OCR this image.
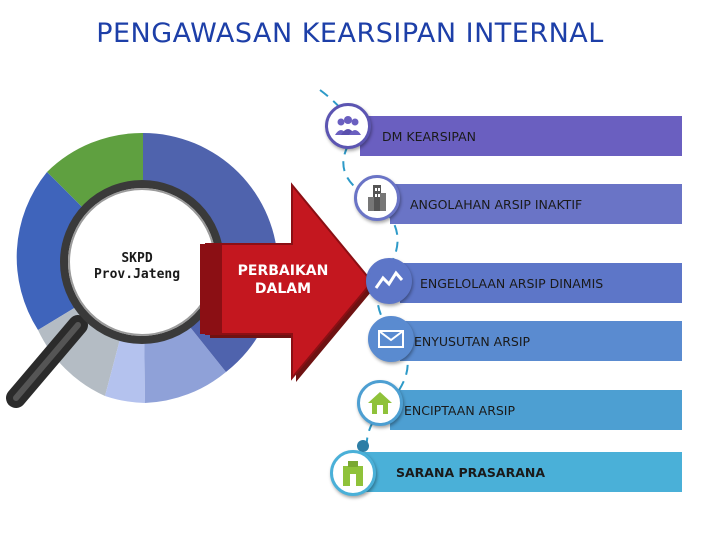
PENGAWASAN KEARSIPAN INTERNAL
SKPD
Prov.Jateng	PERBAIKAN
DALAM
DM KEARSIPAN
ANGOLAHAN ARSIP INAKTIF
ENGELOLAAN ARSIP DINAMIS
ENYUSUTAN ARSIP
ENCIPTAAN ARSIP
SARANA PRASARANA
